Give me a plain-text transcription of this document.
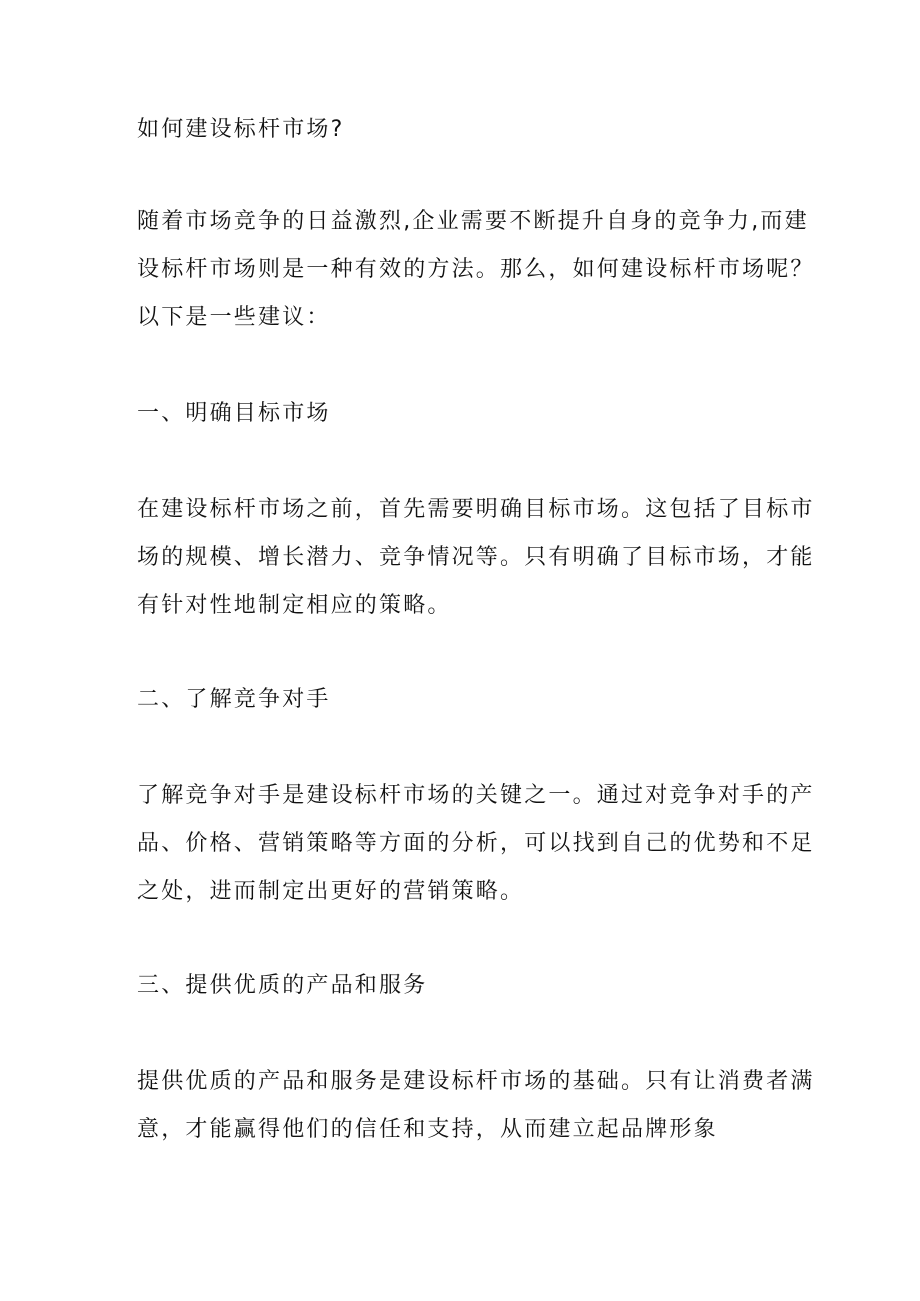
如何建设标杆市场?

随着市场竞争的日益激烈,企业需要不断提升自身的竞争力,而建
设标杆市场则是一种有效的方法。那么，如何建设标杆市场呢？
以下是一些建议：

一、明确目标市场

在建设标杆市场之前，首先需要明确目标市场。这包括了目标市
场的规模、增长潜力、竞争情况等。只有明确了目标市场，才能
有针对性地制定相应的策略。

二、了解竞争对手

了解竞争对手是建设标杆市场的关键之一。通过对竞争对手的产
品、价格、营销策略等方面的分析，可以找到自己的优势和不足
之处，进而制定出更好的营销策略。

三、提供优质的产品和服务

提供优质的产品和服务是建设标杆市场的基础。只有让消费者满
意，才能赢得他们的信任和支持，从而建立起品牌形象
